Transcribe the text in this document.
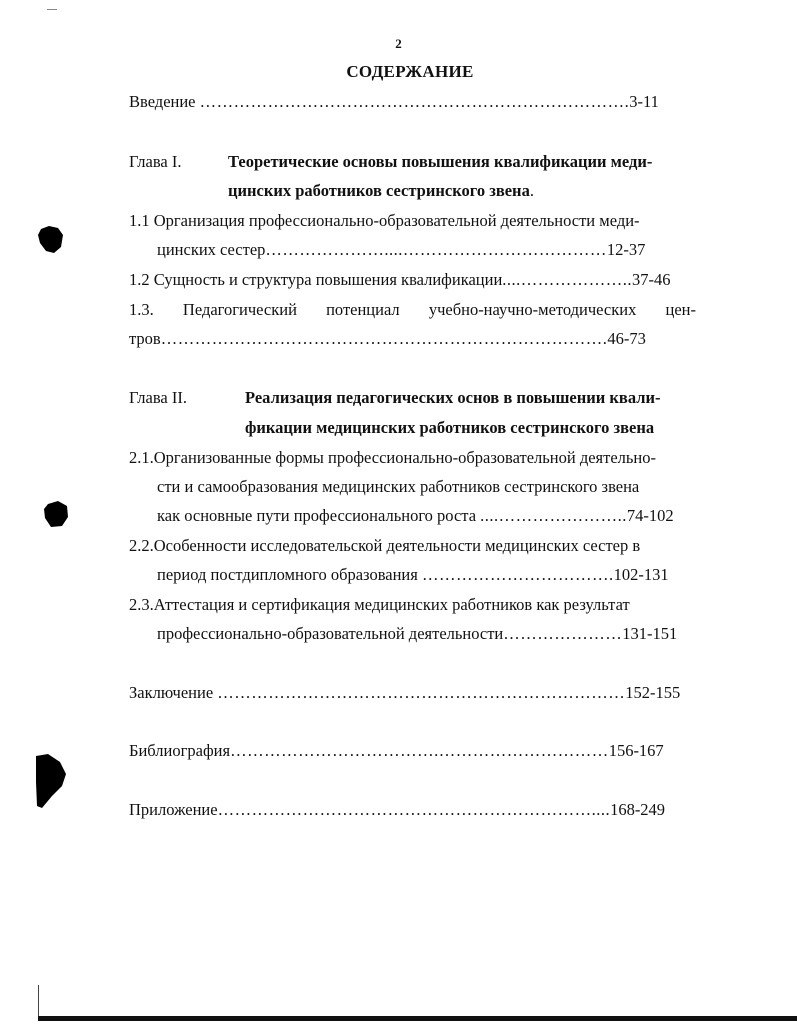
2
СОДЕРЖАНИЕ
Введение ………………………………………………………………….3-11
Глава I.	Теоретические основы повышения квалификации меди-
цинских работников сестринского звена.
1.1 Организация профессионально-образовательной деятельности меди-
цинских сестер…………………....………………………………12-37
1.2 Сущность и структура повышения квалификации....………………..37-46
1.3. Педагогический потенциал учебно-научно-методических цен-
тров…………………………………………………………………….46-73
Глава II.	Реализация педагогических основ в повышении квали-
фикации медицинских работников сестринского звена
2.1.Организованные формы профессионально-образовательной деятельно-
сти и самообразования медицинских работников сестринского звена
как основные пути профессионального роста ....…………………..74-102
2.2.Особенности исследовательской деятельности медицинских сестер в
период постдипломного образования …………………………….102-131
2.3.Аттестация и сертификация медицинских работников как результат
профессионально-образовательной деятельности…………………131-151
Заключение ………………………………………………………………152-155
Библиография……………………………….…………………………156-167
Приложение…………………………………………………………....168-249
